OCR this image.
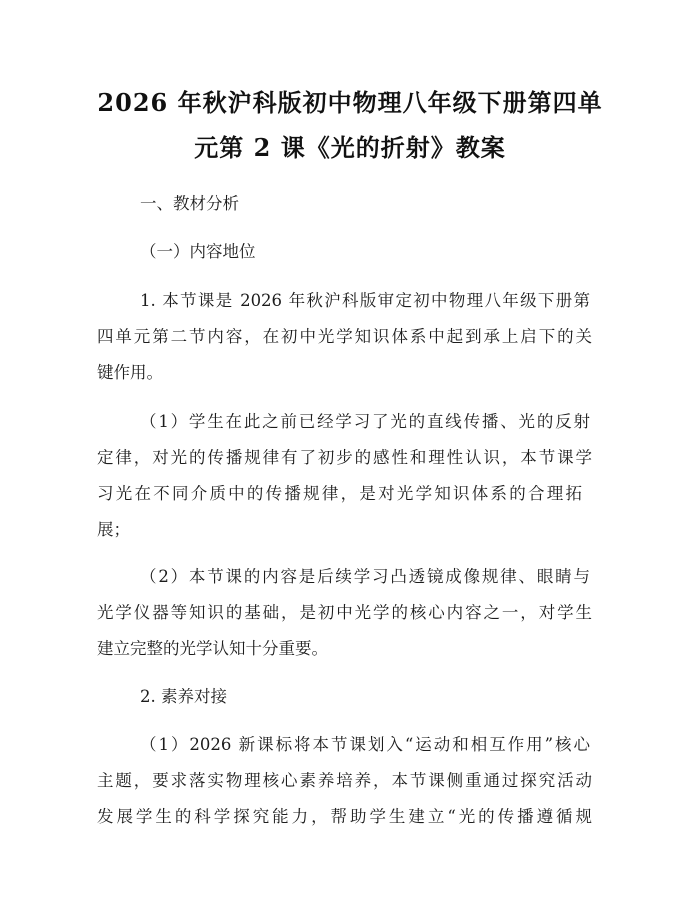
2026 年秋沪科版初中物理八年级下册第四单
元第 2 课《光的折射》教案
一、教材分析
（一）内容地位
1. 本节课是 2026 年秋沪科版审定初中物理八年级下册第
四单元第二节内容，在初中光学知识体系中起到承上启下的关
键作用。
（1）学生在此之前已经学习了光的直线传播、光的反射
定律，对光的传播规律有了初步的感性和理性认识，本节课学
习光在不同介质中的传播规律，是对光学知识体系的合理拓
展；
（2）本节课的内容是后续学习凸透镜成像规律、眼睛与
光学仪器等知识的基础，是初中光学的核心内容之一，对学生
建立完整的光学认知十分重要。
2. 素养对接
（1）2026 新课标将本节课划入“运动和相互作用”核心
主题，要求落实物理核心素养培养，本节课侧重通过探究活动
发展学生的科学探究能力，帮助学生建立“光的传播遵循规
